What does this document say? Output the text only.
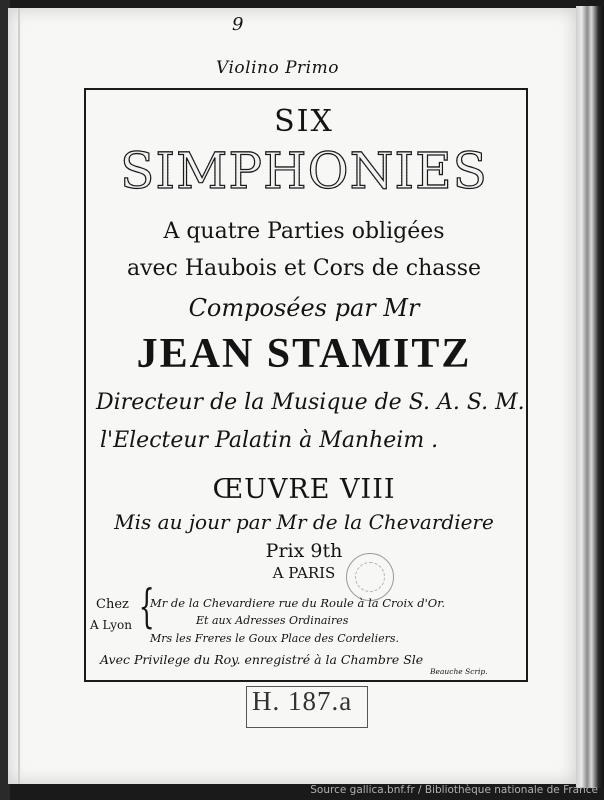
9
Violino Primo
SIX
SIMPHONIES
A quatre Parties obligées
avec Haubois et Cors de chasse
Composées par Mr
JEAN STAMITZ
Directeur de la Musique de S. A. S. M.
l'Electeur Palatin à Manheim .
ŒUVRE VIII
Mis au jour par Mr de la Chevardiere
Prix 9th
A PARIS
Chez
A Lyon {
Mr de la Chevardiere rue du Roule à la Croix d'Or.
Et aux Adresses Ordinaires
Mrs les Freres le Goux Place des Cordeliers.
Avec Privilege du Roy. enregistré à la Chambre Sle
Beauche Scrip.
H. 187.a
Source gallica.bnf.fr / Bibliothèque nationale de France
